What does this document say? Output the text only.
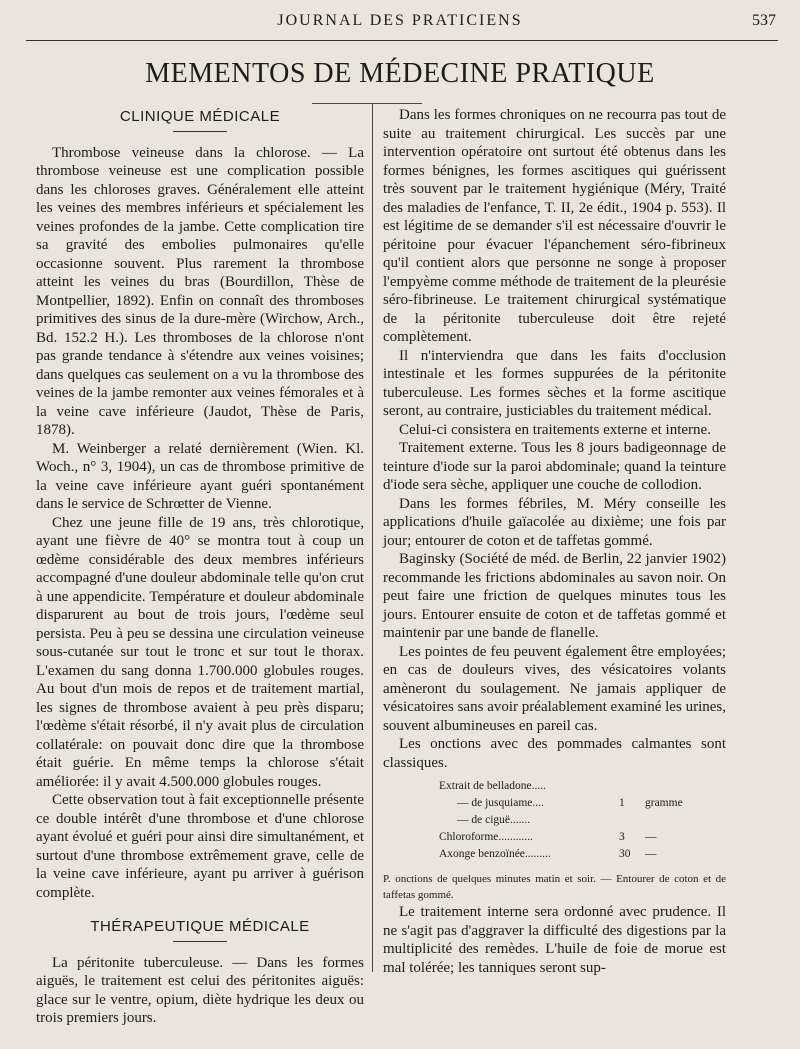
JOURNAL DES PRATICIENS	537
MEMENTOS DE MÉDECINE PRATIQUE
CLINIQUE MÉDICALE

Thrombose veineuse dans la chlorose. — La thrombose veineuse est une complication possible dans les chloroses graves. Généralement elle atteint les veines des membres inférieurs et spécialement les veines profondes de la jambe. Cette complication tire sa gravité des embolies pulmonaires qu'elle occasionne souvent. Plus rarement la thrombose atteint les veines du bras (Bourdillon, Thèse de Montpellier, 1892). Enfin on connaît des thromboses primitives des sinus de la dure-mère (Wirchow, Arch., Bd. 152.2 H.). Les thromboses de la chlorose n'ont pas grande tendance à s'étendre aux veines voisines; dans quelques cas seulement on a vu la thrombose des veines de la jambe remonter aux veines fémorales et à la veine cave inférieure (Jaudot, Thèse de Paris, 1878).

M. Weinberger a relaté dernièrement (Wien. Kl. Woch., n° 3, 1904), un cas de thrombose primitive de la veine cave inférieure ayant guéri spontanément dans le service de Schrœtter de Vienne.

Chez une jeune fille de 19 ans, très chlorotique, ayant une fièvre de 40° se montra tout à coup un œdème considérable des deux membres inférieurs accompagné d'une douleur abdominale telle qu'on crut à une appendicite. Température et douleur abdominale disparurent au bout de trois jours, l'œdème seul persista. Peu à peu se dessina une circulation veineuse sous-cutanée sur tout le tronc et sur tout le thorax. L'examen du sang donna 1.700.000 globules rouges. Au bout d'un mois de repos et de traitement martial, les signes de thrombose avaient à peu près disparu; l'œdème s'était résorbé, il n'y avait plus de circulation collatérale: on pouvait donc dire que la thrombose était guérie. En même temps la chlorose s'était améliorée: il y avait 4.500.000 globules rouges.

Cette observation tout à fait exceptionnelle présente ce double intérêt d'une thrombose et d'une chlorose ayant évolué et guéri pour ainsi dire simultanément, et surtout d'une thrombose extrêmement grave, celle de la veine cave inférieure, ayant pu arriver à guérison complète.

THÉRAPEUTIQUE MÉDICALE

La péritonite tuberculeuse. — Dans les formes aiguës, le traitement est celui des péritonites aiguës: glace sur le ventre, opium, diète hydrique les deux ou trois premiers jours.

Dans les formes chroniques on ne recourra pas tout de suite au traitement chirurgical. Les succès par une intervention opératoire ont surtout été obtenus dans les formes bénignes, les formes ascitiques qui guérissent très souvent par le traitement hygiénique (Méry, Traité des maladies de l'enfance, T. II, 2e édit., 1904 p. 553). Il est légitime de se demander s'il est nécessaire d'ouvrir le péritoine pour évacuer l'épanchement séro-fibrineux qu'il contient alors que personne ne songe à proposer l'empyème comme méthode de traitement de la pleurésie séro-fibrineuse. Le traitement chirurgical systématique de la péritonite tuberculeuse doit être rejeté complètement.

Il n'interviendra que dans les faits d'occlusion intestinale et les formes suppurées de la péritonite tuberculeuse. Les formes sèches et la forme ascitique seront, au contraire, justiciables du traitement médical.

Celui-ci consistera en traitements externe et interne.

Traitement externe. Tous les 8 jours badigeonnage de teinture d'iode sur la paroi abdominale; quand la teinture d'iode sera sèche, appliquer une couche de collodion.

Dans les formes fébriles, M. Méry conseille les applications d'huile gaïacolée au dixième; une fois par jour; entourer de coton et de taffetas gommé.

Baginsky (Société de méd. de Berlin, 22 janvier 1902) recommande les frictions abdominales au savon noir. On peut faire une friction de quelques minutes tous les jours. Entourer ensuite de coton et de taffetas gommé et maintenir par une bande de flanelle.

Les pointes de feu peuvent également être employées; en cas de douleurs vives, des vésicatoires volants amèneront du soulagement. Ne jamais appliquer de vésicatoires sans avoir préalablement examiné les urines, souvent albumineuses en pareil cas.

Les onctions avec des pommades calmantes sont classiques.

Extrait de belladone.....
— de jusquiame....	1 gramme
— de ciguë.......
Chloroforme............	3 —
Axonge benzoïnée.........	30 —

P. onctions de quelques minutes matin et soir. — Entourer de coton et de taffetas gommé.

Le traitement interne sera ordonné avec prudence. Il ne s'agit pas d'aggraver la difficulté des digestions par la multiplicité des remèdes. L'huile de foie de morue est mal tolérée; les tanniques seront sup-
